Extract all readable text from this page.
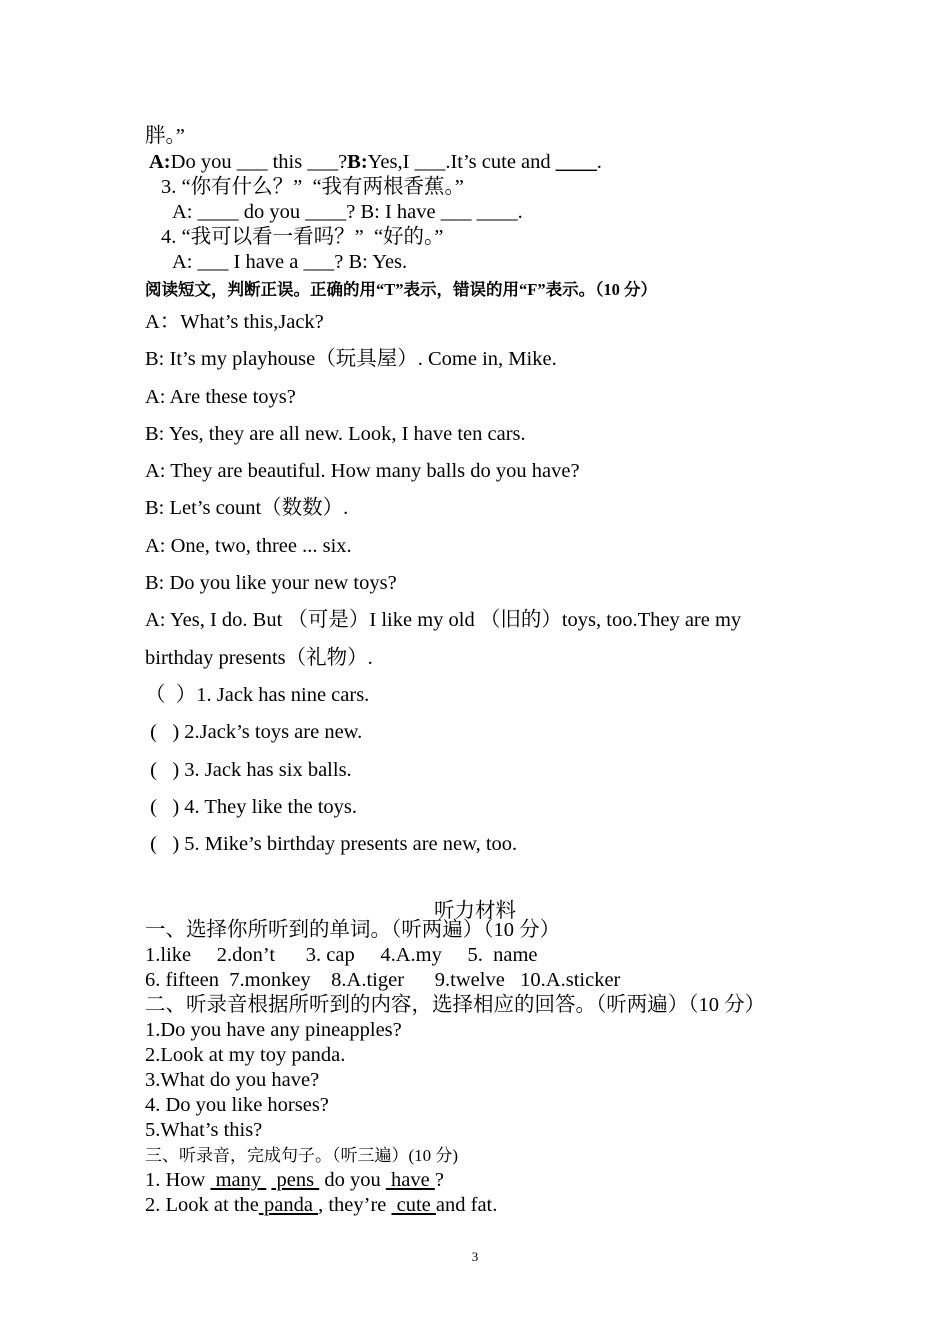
胖。”
A:Do you ___ this ___?B:Yes,I ___.It’s cute and ____.
3. “你有什么？”  “我有两根香蕉。”
A: ____ do you ____? B: I have ___ ____.
4. “我可以看一看吗？”  “好的。”
A: ___ I have a ___? B: Yes.
阅读短文，判断正误。正确的用“T”表示，错误的用“F”表示。（10 分）
A：What’s this,Jack?
B: It’s my playhouse（玩具屋）. Come in, Mike.
A: Are these toys?
B: Yes, they are all new. Look, I have ten cars.
A: They are beautiful. How many balls do you have?
B: Let’s count（数数）.
A: One, two, three ... six.
B: Do you like your new toys?
A: Yes, I do. But （可是）I like my old （旧的）toys, too.They are my
birthday presents（礼物）.
（  ）1. Jack has nine cars.
(   ) 2.Jack’s toys are new.
(   ) 3. Jack has six balls.
(   ) 4. They like the toys.
(   ) 5. Mike’s birthday presents are new, too.
听力材料
一、选择你所听到的单词。（听两遍）（10 分）
1.like     2.don’t      3. cap     4.A.my     5.  name
6. fifteen  7.monkey    8.A.tiger      9.twelve   10.A.sticker
二、听录音根据所听到的内容，选择相应的回答。（听两遍）（10 分）
1.Do you have any pineapples?
2.Look at my toy panda.
3.What do you have?
4. Do you like horses?
5.What’s this?
三、听录音，完成句子。（听三遍）(10 分)
1. How  many   pens  do you  have ?
2. Look at the panda , they’re  cute and fat.
3
